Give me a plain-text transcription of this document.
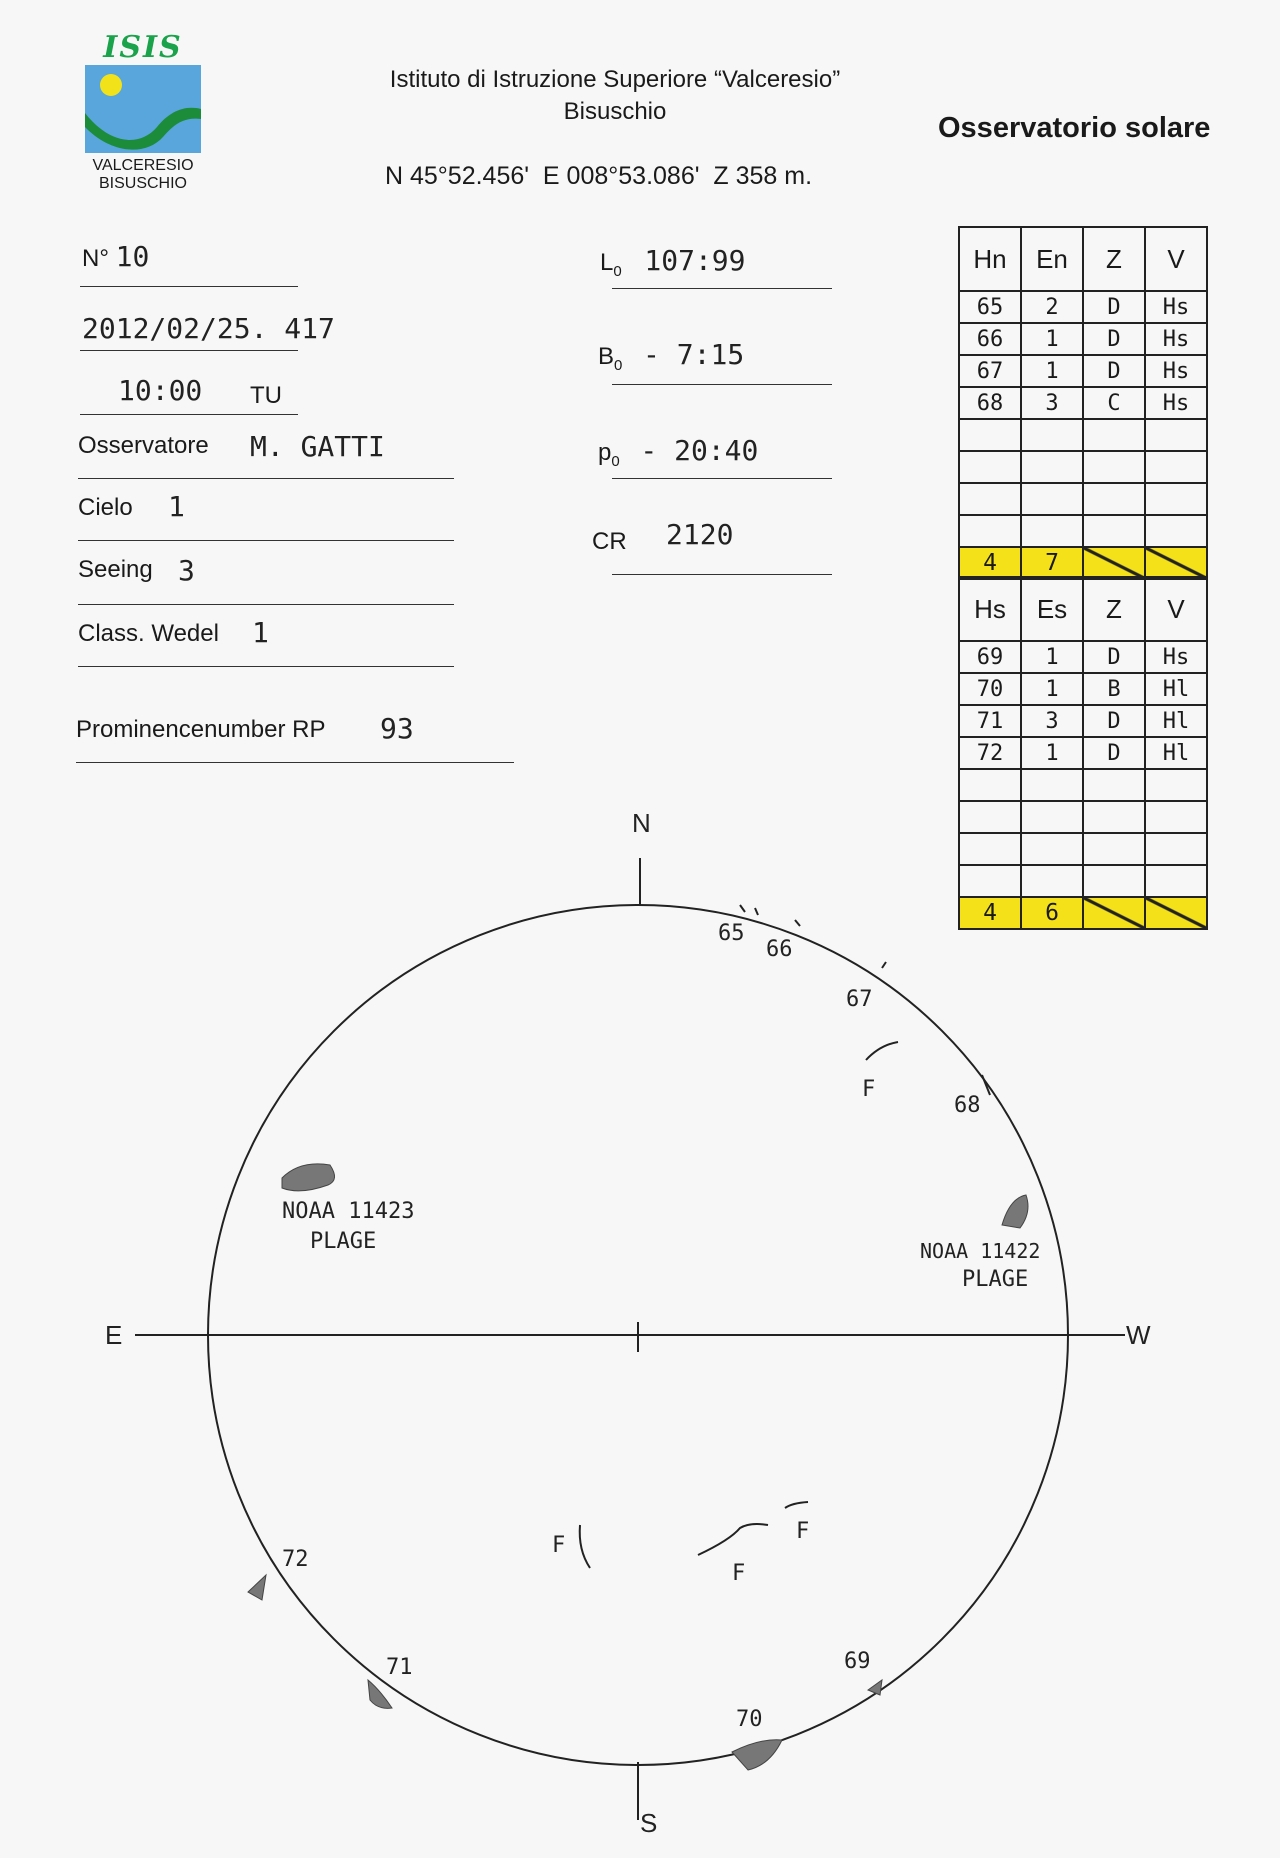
ISIS
VALCERESIO
BISUSCHIO
Istituto di Istruzione Superiore “Valceresio”
Bisuschio
N 45°52.456'  E 008°53.086'  Z 358 m.
Osservatorio solare
N° 10
2012/02/25. 417
10:00 TU
Osservatore M. GATTI
Cielo 1
Seeing 3
Class. Wedel 1
Prominencenumber RP 93
$L_0$ 107:99
$B_0$ - 7:15
$p_0$ - 20:40
CR 2120
Hn	En	Z	V
65	2	D	Hs
66	1	D	Hs
67	1	D	Hs
68	3	C	Hs

4	7		
Hs	Es	Z	V
69	1	D	Hs
70	1	B	Hl
71	3	D	Hl
72	1	D	Hl

4	6		
N
S
E	W
65
66
67
68
69
70
71
72
F
F
F
F
NOAA 11423
PLAGE	NOAA 11422
PLAGE
